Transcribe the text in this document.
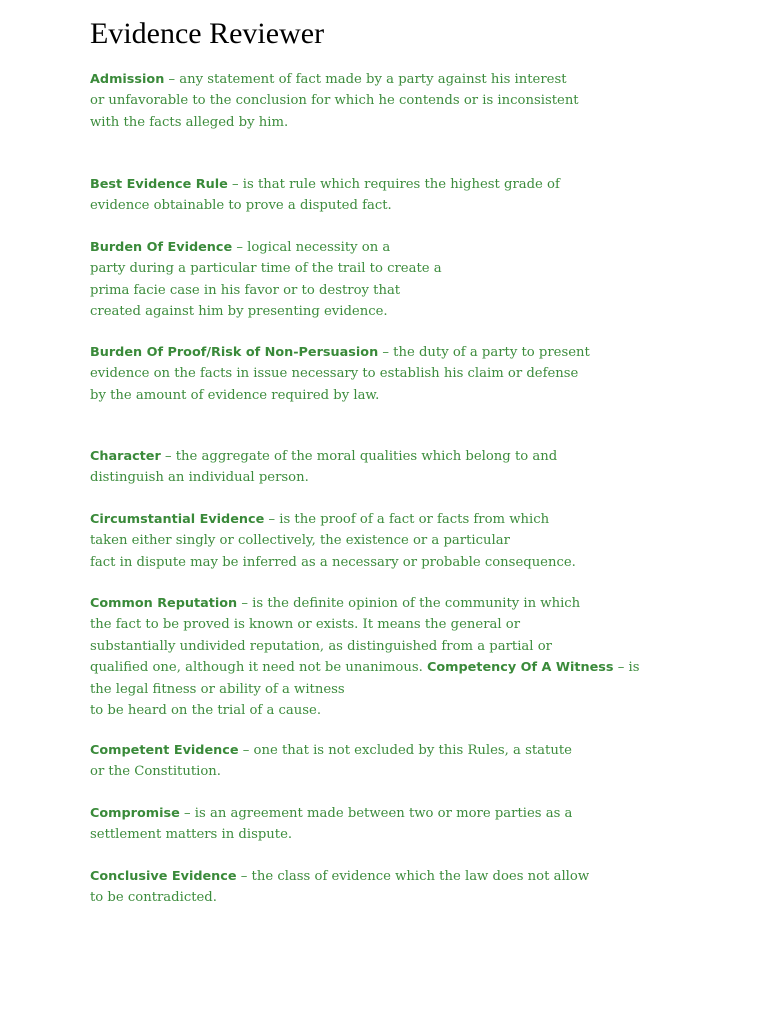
Evidence Reviewer

Admission – any statement of fact made by a party against his interest
or unfavorable to the conclusion for which he contends or is inconsistent
with the facts alleged by him.

Best Evidence Rule – is that rule which requires the highest grade of
evidence obtainable to prove a disputed fact.

Burden Of Evidence – logical necessity on a
party during a particular time of the trail to create a
prima facie case in his favor or to destroy that
created against him by presenting evidence.

Burden Of Proof/Risk of Non-Persuasion – the duty of a party to present
evidence on the facts in issue necessary to establish his claim or defense
by the amount of evidence required by law.

Character – the aggregate of the moral qualities which belong to and
distinguish an individual person.

Circumstantial Evidence – is the proof of a fact or facts from which
taken either singly or collectively, the existence or a particular
fact in dispute may be inferred as a necessary or probable consequence.

Common Reputation – is the definite opinion of the community in which
the fact to be proved is known or exists. It means the general or
substantially undivided reputation, as distinguished from a partial or
qualified one, although it need not be unanimous. Competency Of A Witness – is
the legal fitness or ability of a witness
to be heard on the trial of a cause.

Competent Evidence – one that is not excluded by this Rules, a statute
or the Constitution.

Compromise – is an agreement made between two or more parties as a
settlement matters in dispute.

Conclusive Evidence – the class of evidence which the law does not allow
to be contradicted.
